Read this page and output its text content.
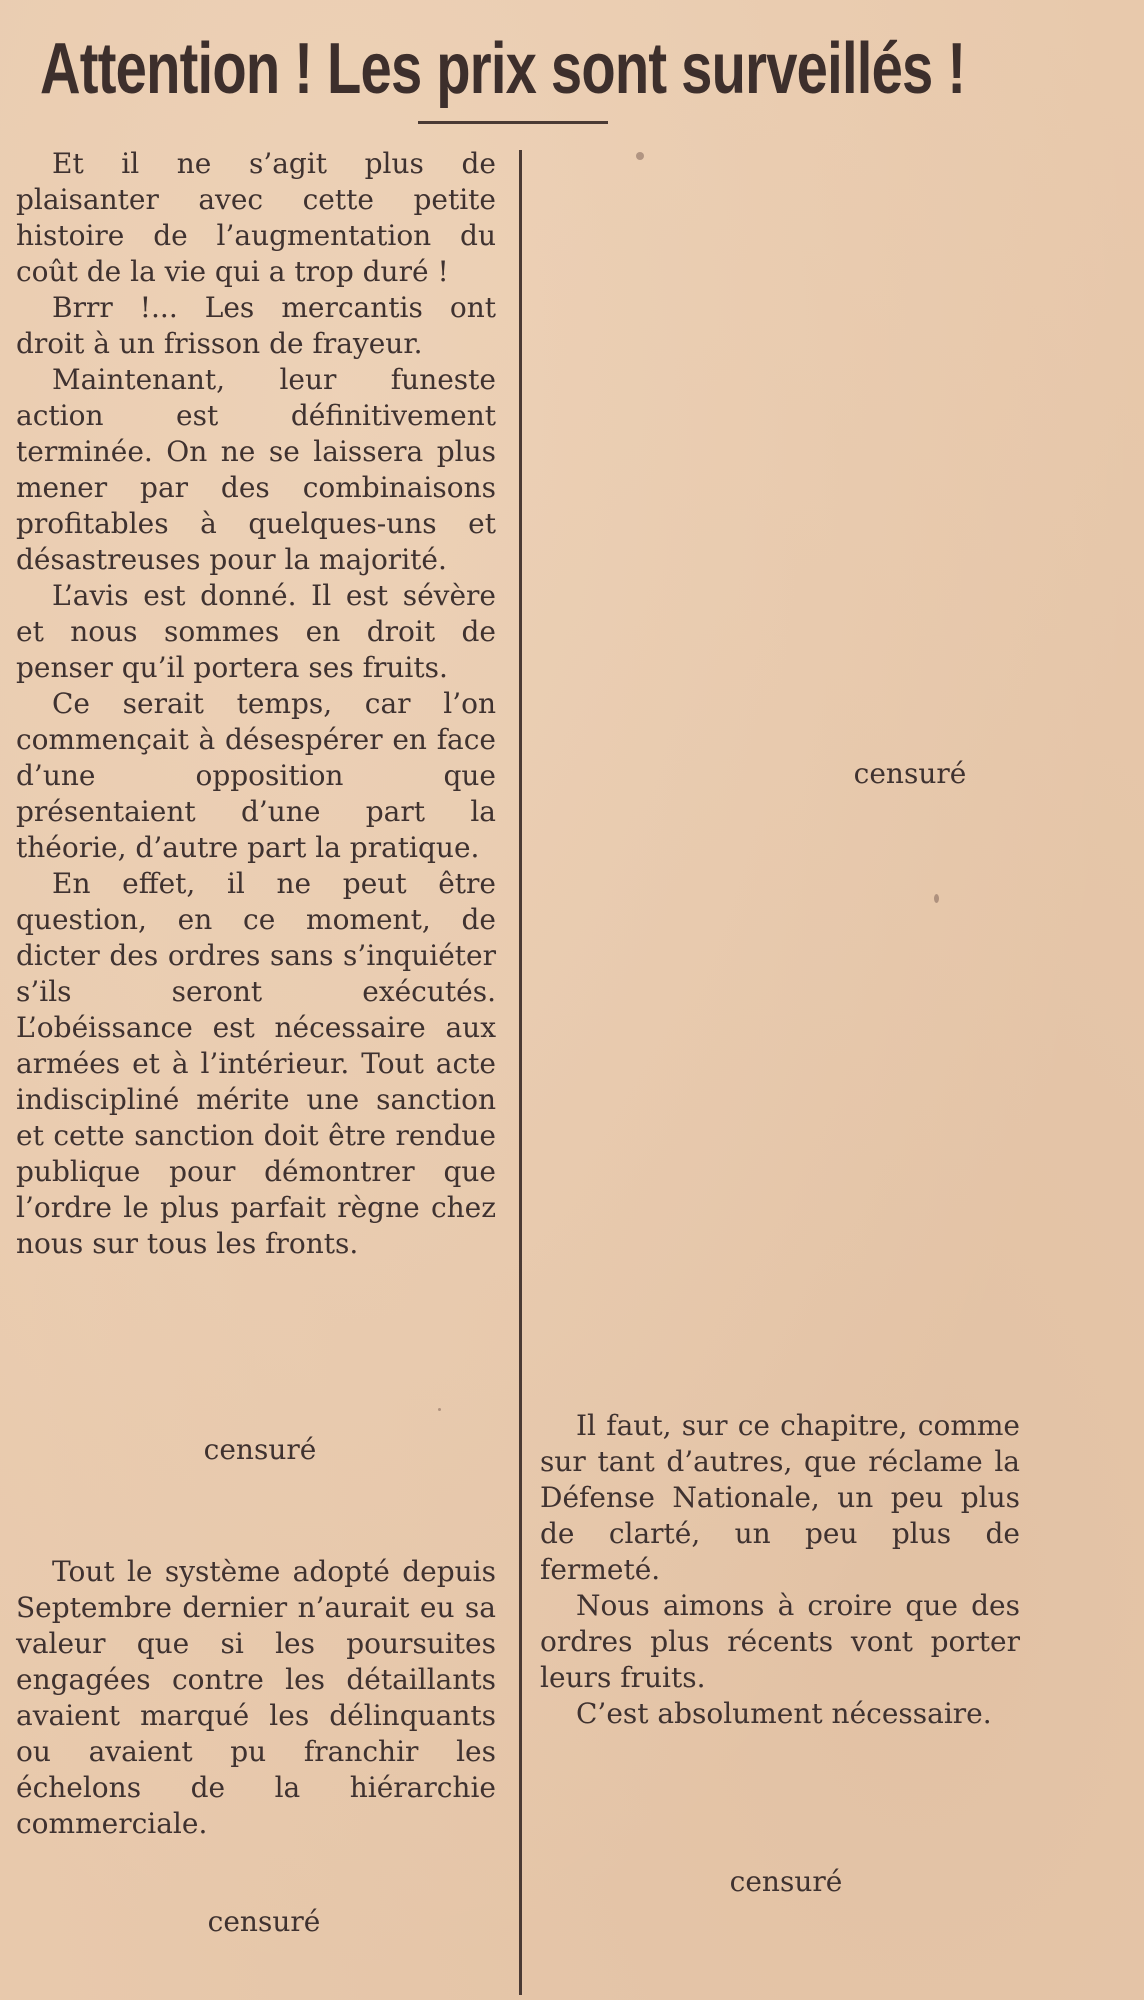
Attention ! Les prix sont surveillés !

Et il ne s’agit plus de plaisanter avec cette petite histoire de l’augmentation du coût de la vie qui a trop duré !

Brrr !... Les mercantis ont droit à un frisson de frayeur.

Maintenant, leur funeste action est définitivement terminée. On ne se laissera plus mener par des combinaisons profitables à quelques-uns et désastreuses pour la majorité.

L’avis est donné. Il est sévère et nous sommes en droit de penser qu’il portera ses fruits.

Ce serait temps, car l’on commençait à désespérer en face d’une opposition que présentaient d’une part la théorie, d’autre part la pratique.

En effet, il ne peut être question, en ce moment, de dicter des ordres sans s’inquiéter s’ils seront exécutés. L’obéissance est nécessaire aux armées et à l’intérieur. Tout acte indiscipliné mérite une sanction et cette sanction doit être rendue publique pour démontrer que l’ordre le plus parfait règne chez nous sur tous les fronts.

censuré
censuré

Tout le système adopté depuis Septembre dernier n’aurait eu sa valeur que si les poursuites engagées contre les détaillants avaient marqué les délinquants ou avaient pu franchir les échelons de la hiérarchie commerciale.

Il faut, sur ce chapitre, comme sur tant d’autres, que réclame la Défense Nationale, un peu plus de clarté, un peu plus de fermeté.

Nous aimons à croire que des ordres plus récents vont porter leurs fruits.

C’est absolument nécessaire.

censuré
censuré
